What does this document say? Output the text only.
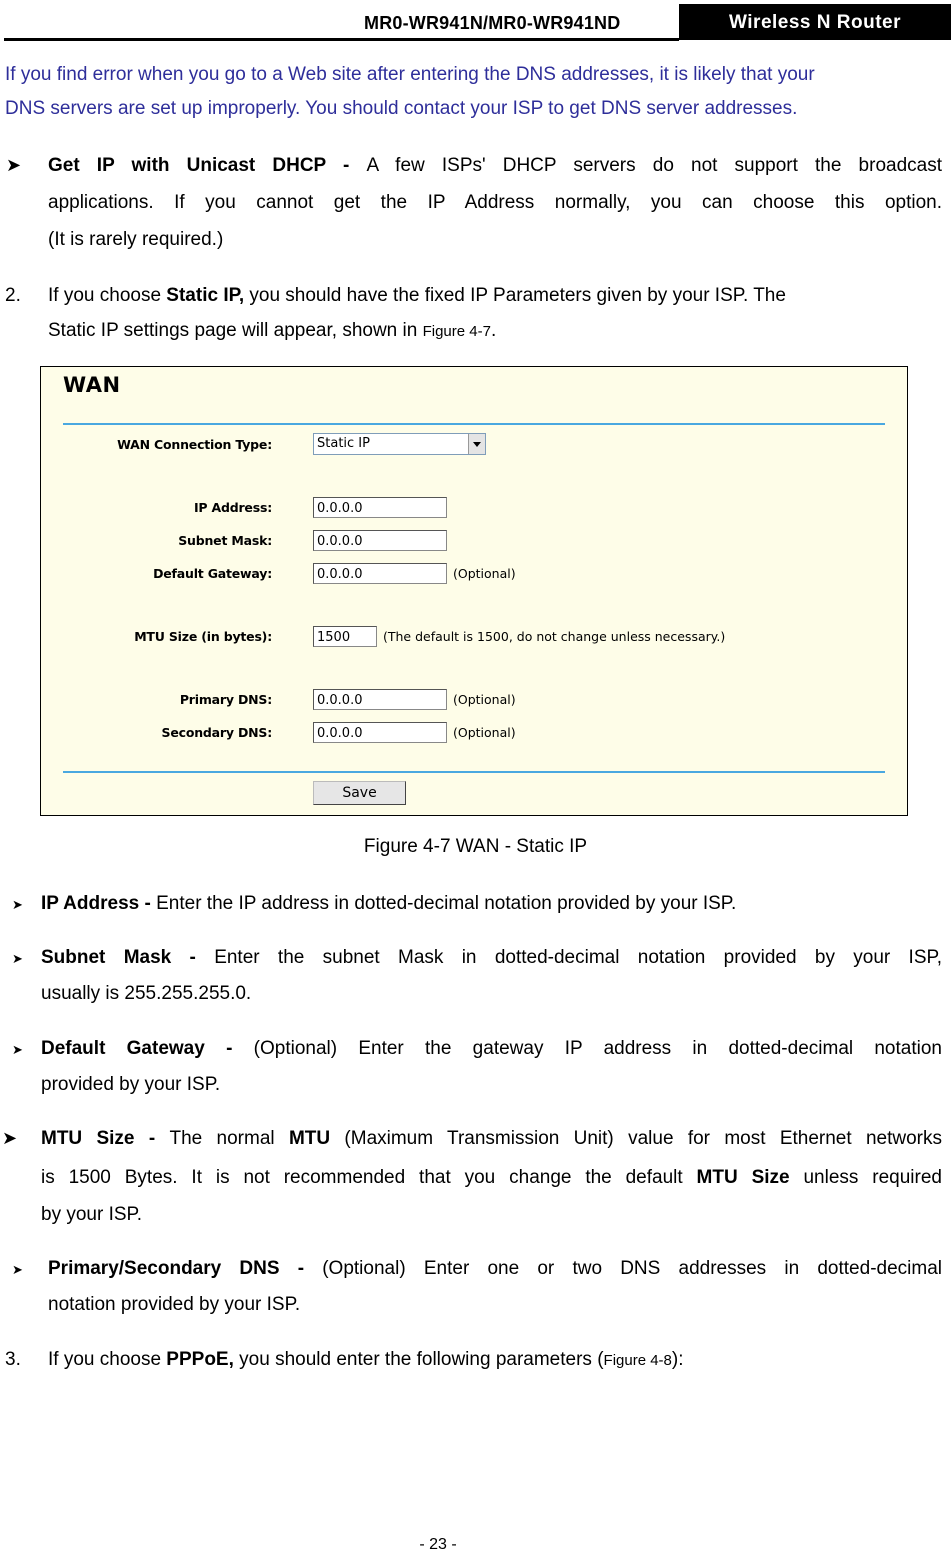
MR0-WR941N/MR0-WR941ND	Wireless N Router
If you find error when you go to a Web site after entering the DNS addresses, it is likely that your
DNS servers are set up improperly. You should contact your ISP to get DNS server addresses.
➤ Get IP with Unicast DHCP - A few ISPs' DHCP servers do not support the broadcast
applications. If you cannot get the IP Address normally, you can choose this option.
(It is rarely required.)
2. If you choose Static IP, you should have the fixed IP Parameters given by your ISP. The
Static IP settings page will appear, shown in Figure 4-7.
WAN
WAN Connection Type:	Static IP
IP Address:	0.0.0.0
Subnet Mask:	0.0.0.0
Default Gateway:	0.0.0.0	(Optional)
MTU Size (in bytes):	1500	(The default is 1500, do not change unless necessary.)
Primary DNS:	0.0.0.0	(Optional)
Secondary DNS:	0.0.0.0	(Optional)
Save
Figure 4-7 WAN - Static IP
➤ IP Address - Enter the IP address in dotted-decimal notation provided by your ISP.
➤ Subnet Mask - Enter the subnet Mask in dotted-decimal notation provided by your ISP,
usually is 255.255.255.0.
➤ Default Gateway - (Optional) Enter the gateway IP address in dotted-decimal notation
provided by your ISP.
➤ MTU Size - The normal MTU (Maximum Transmission Unit) value for most Ethernet networks
is 1500 Bytes. It is not recommended that you change the default MTU Size unless required
by your ISP.
➤ Primary/Secondary DNS - (Optional) Enter one or two DNS addresses in dotted-decimal
notation provided by your ISP.
3. If you choose PPPoE, you should enter the following parameters (Figure 4-8):
- 23 -
